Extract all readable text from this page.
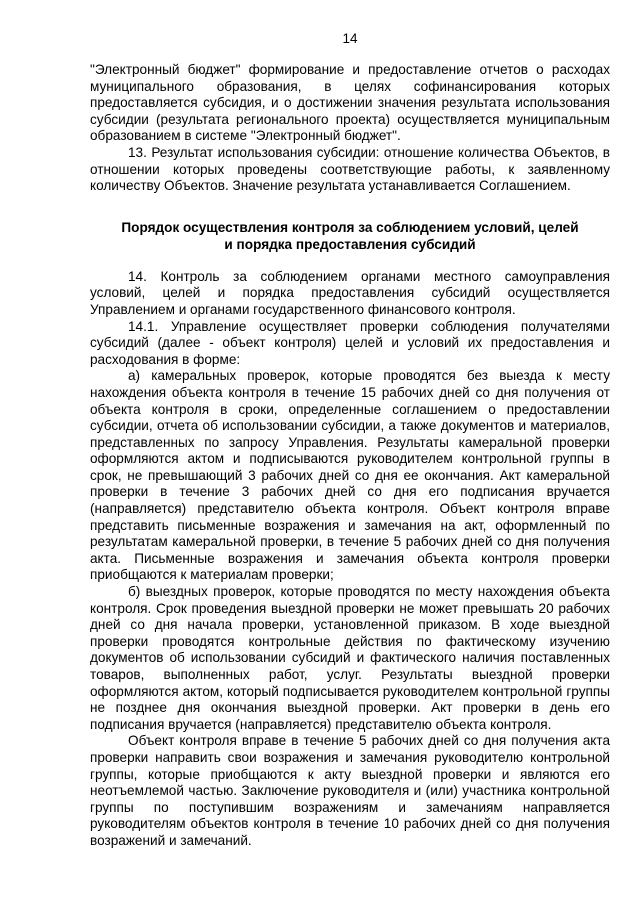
14

"Электронный бюджет" формирование и предоставление отчетов о расходах муниципального образования, в целях софинансирования которых предоставляется субсидия, и о достижении значения результата использования субсидии (результата регионального проекта) осуществляется муниципальным образованием в системе "Электронный бюджет".

13. Результат использования субсидии: отношение количества Объектов, в отношении которых проведены соответствующие работы, к заявленному количеству Объектов. Значение результата устанавливается Соглашением.

Порядок осуществления контроля за соблюдением условий, целей
и порядка предоставления субсидий

14. Контроль за соблюдением органами местного самоуправления условий, целей и порядка предоставления субсидий осуществляется Управлением и органами государственного финансового контроля.

14.1. Управление осуществляет проверки соблюдения получателями субсидий (далее - объект контроля) целей и условий их предоставления и расходования в форме:

а) камеральных проверок, которые проводятся без выезда к месту нахождения объекта контроля в течение 15 рабочих дней со дня получения от объекта контроля в сроки, определенные соглашением о предоставлении субсидии, отчета об использовании субсидии, а также документов и материалов, представленных по запросу Управления. Результаты камеральной проверки оформляются актом и подписываются руководителем контрольной группы в срок, не превышающий 3 рабочих дней со дня ее окончания. Акт камеральной проверки в течение 3 рабочих дней со дня его подписания вручается (направляется) представителю объекта контроля. Объект контроля вправе представить письменные возражения и замечания на акт, оформленный по результатам камеральной проверки, в течение 5 рабочих дней со дня получения акта. Письменные возражения и замечания объекта контроля проверки приобщаются к материалам проверки;

б) выездных проверок, которые проводятся по месту нахождения объекта контроля. Срок проведения выездной проверки не может превышать 20 рабочих дней со дня начала проверки, установленной приказом. В ходе выездной проверки проводятся контрольные действия по фактическому изучению документов об использовании субсидий и фактического наличия поставленных товаров, выполненных работ, услуг. Результаты выездной проверки оформляются актом, который подписывается руководителем контрольной группы не позднее дня окончания выездной проверки. Акт проверки в день его подписания вручается (направляется) представителю объекта контроля.

Объект контроля вправе в течение 5 рабочих дней со дня получения акта проверки направить свои возражения и замечания руководителю контрольной группы, которые приобщаются к акту выездной проверки и являются его неотъемлемой частью. Заключение руководителя и (или) участника контрольной группы по поступившим возражениям и замечаниям направляется руководителям объектов контроля в течение 10 рабочих дней со дня получения возражений и замечаний.
